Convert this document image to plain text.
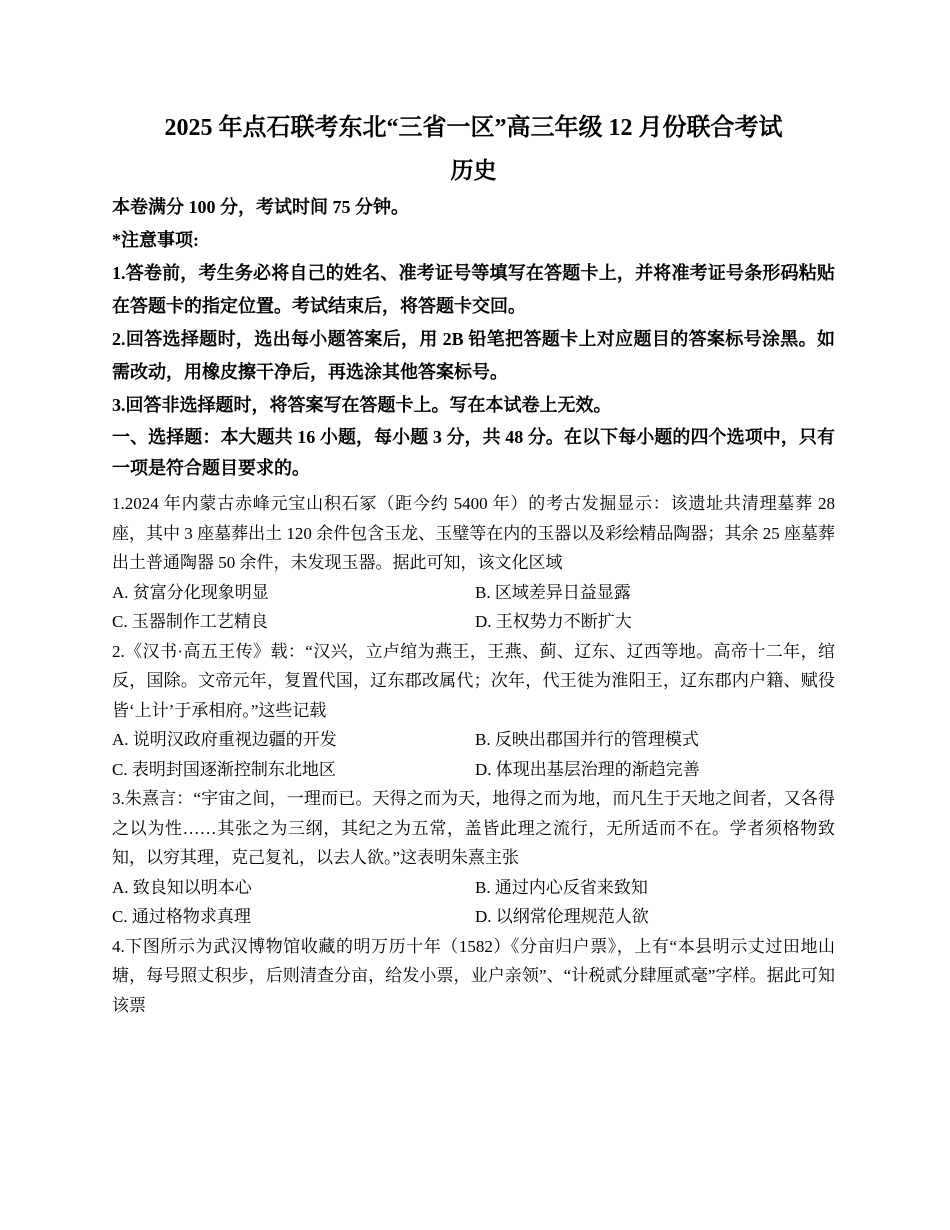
2025 年点石联考东北“三省一区”高三年级 12 月份联合考试
历史

本卷满分 100 分，考试时间 75 分钟。

*注意事项:

1.答卷前，考生务必将自己的姓名、准考证号等填写在答题卡上，并将准考证号条形码粘贴在答题卡的指定位置。考试结束后，将答题卡交回。

2.回答选择题时，选出每小题答案后，用 2B 铅笔把答题卡上对应题目的答案标号涂黑。如需改动，用橡皮擦干净后，再选涂其他答案标号。

3.回答非选择题时，将答案写在答题卡上。写在本试卷上无效。

一、选择题：本大题共 16 小题，每小题 3 分，共 48 分。在以下每小题的四个选项中，只有一项是符合题目要求的。

1.2024 年内蒙古赤峰元宝山积石冢（距今约 5400 年）的考古发掘显示：该遗址共清理墓葬 28 座，其中 3 座墓葬出土 120 余件包含玉龙、玉璧等在内的玉器以及彩绘精品陶器；其余 25 座墓葬出土普通陶器 50 余件，未发现玉器。据此可知，该文化区域

A. 贫富分化现象明显	B. 区域差异日益显露
C. 玉器制作工艺精良	D. 王权势力不断扩大

2.《汉书·高五王传》载：“汉兴，立卢绾为燕王，王燕、蓟、辽东、辽西等地。高帝十二年，绾反，国除。文帝元年，复置代国，辽东郡改属代；次年，代王徙为淮阳王，辽东郡内户籍、赋役皆‘上计’于承相府。”这些记载

A. 说明汉政府重视边疆的开发	B. 反映出郡国并行的管理模式
C. 表明封国逐渐控制东北地区	D. 体现出基层治理的渐趋完善

3.朱熹言：“宇宙之间，一理而已。天得之而为天，地得之而为地，而凡生于天地之间者，又各得之以为性……其张之为三纲，其纪之为五常，盖皆此理之流行，无所适而不在。学者须格物致知，以穷其理，克己复礼，以去人欲。”这表明朱熹主张

A. 致良知以明本心	B. 通过内心反省来致知
C. 通过格物求真理	D. 以纲常伦理规范人欲

4.下图所示为武汉博物馆收藏的明万历十年（1582）《分亩归户票》，上有“本县明示丈过田地山塘，每号照丈积步，后则清查分亩，给发小票，业户亲领”、“计税贰分肆厘贰毫”字样。据此可知该票
